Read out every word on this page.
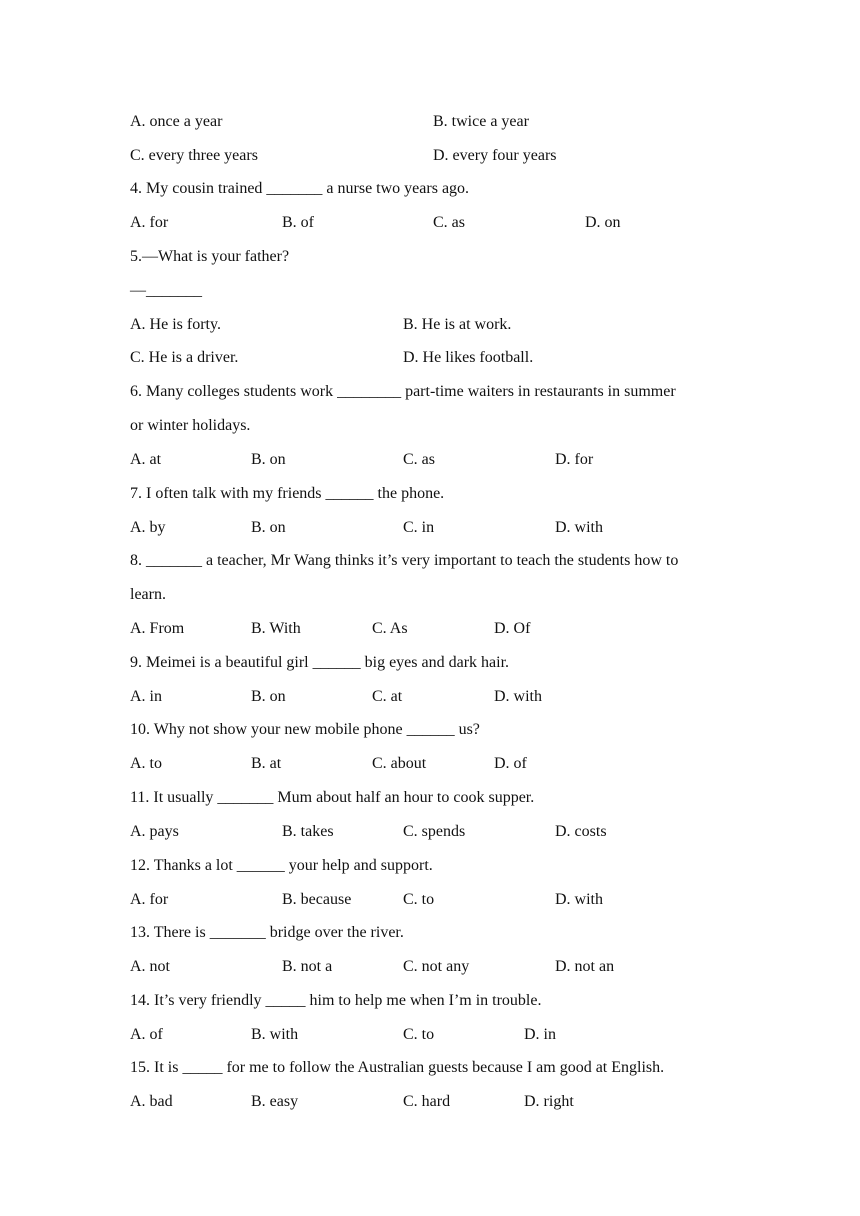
A. once a year	B. twice a year
C. every three years	D. every four years
4. My cousin trained _______ a nurse two years ago.
A. for	B. of	C. as	D. on
5.—What is your father?
—_______
A. He is forty.	B. He is at work.
C. He is a driver.	D. He likes football.
6. Many colleges students work ________ part-time waiters in restaurants in summer
or winter holidays.
A. at	B. on	C. as	D. for
7. I often talk with my friends ______ the phone.
A. by	B. on	C. in	D. with
8. _______ a teacher, Mr Wang thinks it’s very important to teach the students how to
learn.
A. From	B. With	C. As	D. Of
9. Meimei is a beautiful girl ______ big eyes and dark hair.
A. in	B. on	C. at	D. with
10. Why not show your new mobile phone ______ us?
A. to	B. at	C. about	D. of
11. It usually _______ Mum about half an hour to cook supper.
A. pays	B. takes	C. spends	D. costs
12. Thanks a lot ______ your help and support.
A. for	B. because	C. to	D. with
13. There is _______ bridge over the river.
A. not	B. not a	C. not any	D. not an
14. It’s very friendly _____ him to help me when I’m in trouble.
A. of	B. with	C. to	D. in
15. It is _____ for me to follow the Australian guests because I am good at English.
A. bad	B. easy	C. hard	D. right
